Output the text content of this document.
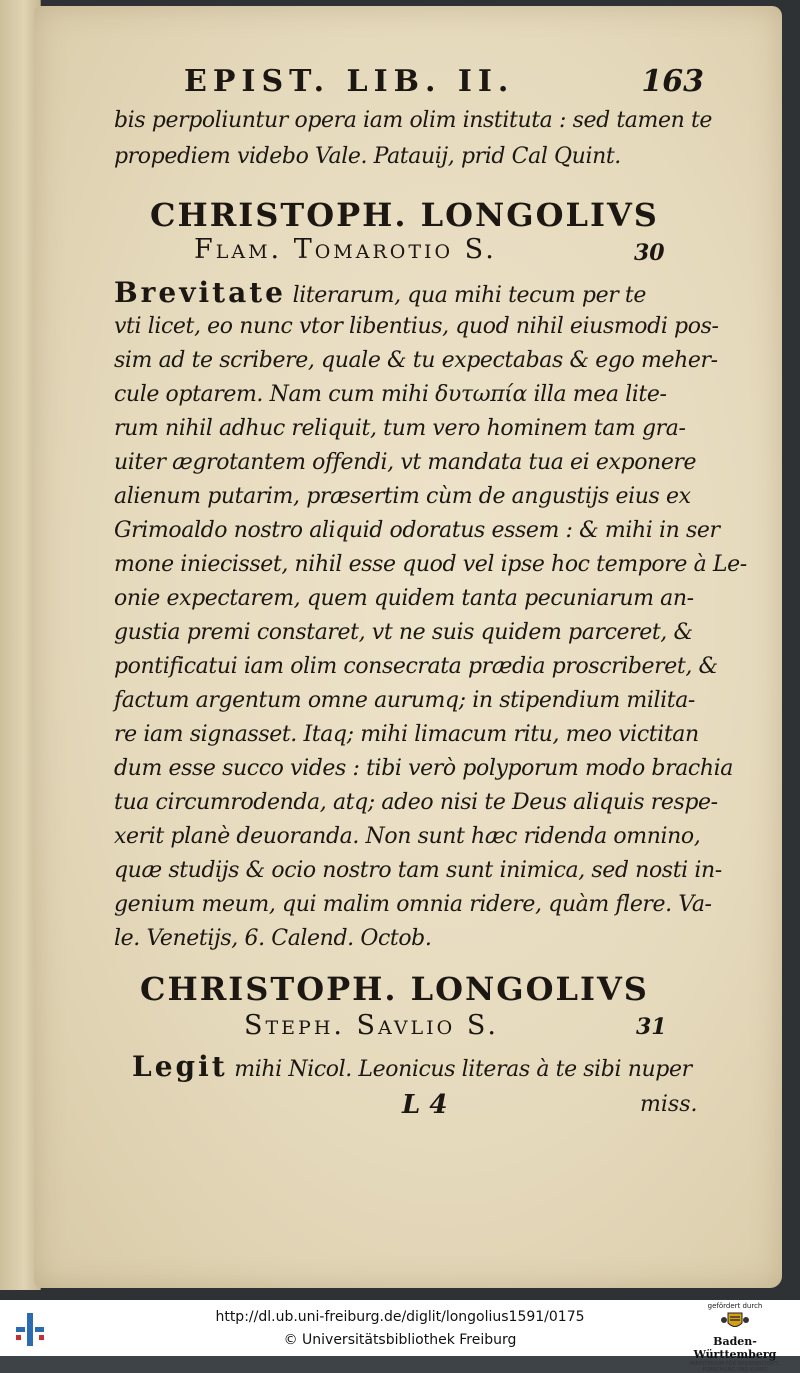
EPIST. LIB. II.	163
bis perpoliuntur opera iam olim instituta : sed tamen te
propediem videbo Vale. Patauij, prid Cal Quint.
CHRISTOPH. LONGOLIVS
Flam. Tomarotio S.	30
Brevitate literarum, qua mihi tecum per te
vti licet, eo nunc vtor libentius, quod nihil eiusmodi pos-
sim ad te scribere, quale & tu expectabas & ego meher-
cule optarem. Nam cum mihi δυτωπία illa mea lite-
rum nihil adhuc reliquit, tum vero hominem tam gra-
uiter ægrotantem offendi, vt mandata tua ei exponere
alienum putarim, præsertim cùm de angustijs eius ex
Grimoaldo nostro aliquid odoratus essem : & mihi in ser
mone iniecisset, nihil esse quod vel ipse hoc tempore à Le-
onie expectarem, quem quidem tanta pecuniarum an-
gustia premi constaret, vt ne suis quidem parceret, &
pontificatui iam olim consecrata prædia proscriberet, &
factum argentum omne aurumq; in stipendium milita-
re iam signasset. Itaq; mihi limacum ritu, meo victitan
dum esse succo vides : tibi verò polyporum modo brachia
tua circumrodenda, atq; adeo nisi te Deus aliquis respe-
xerit planè deuoranda. Non sunt hæc ridenda omnino,
quæ studijs & ocio nostro tam sunt inimica, sed nosti in-
genium meum, qui malim omnia ridere, quàm flere. Va-
le. Venetijs, 6. Calend. Octob.
CHRISTOPH. LONGOLIVS
Steph. Savlio S.	31
Legit mihi Nicol. Leonicus literas à te sibi nuper
L 4	miss.
http://dl.ub.uni-freiburg.de/diglit/longolius1591/0175
© Universitätsbibliothek Freiburg
gefördert durch
Baden-Württemberg
MINISTERIUM FÜR WISSENSCHAFT, FORSCHUNG UND KUNST
